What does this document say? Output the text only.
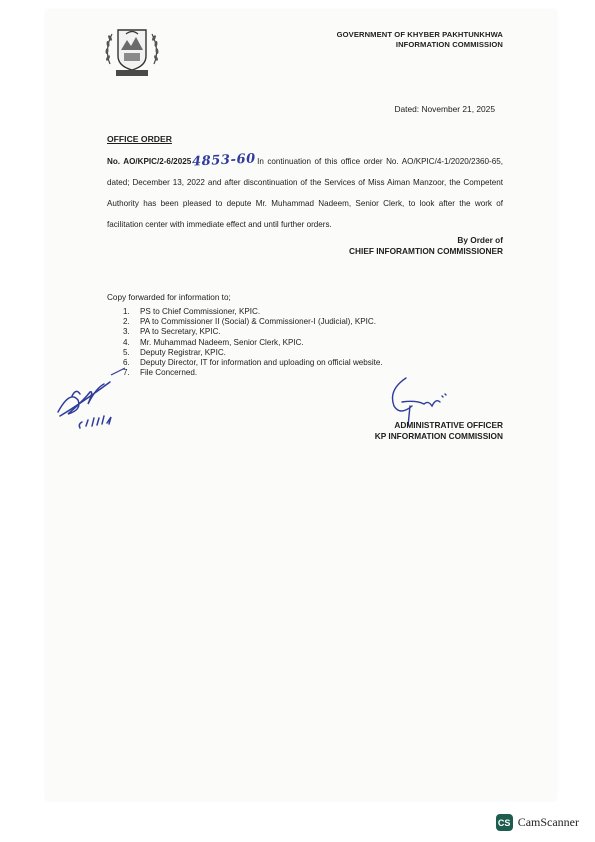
GOVERNMENT OF KHYBER PAKHTUNKHWA
INFORMATION COMMISSION
Dated: November 21, 2025
OFFICE ORDER
No. AO/KPIC/2-6/20254853-60In continuation of this office order No. AO/KPIC/4-1/2020/2360-65, dated; December 13, 2022 and after discontinuation of the Services of Miss Aiman Manzoor, the Competent Authority has been pleased to depute Mr. Muhammad Nadeem, Senior Clerk, to look after the work of facilitation center with immediate effect and until further orders.
By Order of
CHIEF INFORAMTION COMMISSIONER
Copy forwarded for information to;
1.	PS to Chief Commissioner, KPIC.
2.	PA to Commissioner II (Social) & Commissioner-I (Judicial), KPIC.
3.	PA to Secretary, KPIC.
4.	Mr. Muhammad Nadeem, Senior Clerk, KPIC.
5.	Deputy Registrar, KPIC.
6.	Deputy Director, IT for information and uploading on official website.
7.	File Concerned.
ADMINISTRATIVE OFFICER
KP INFORMATION COMMISSION
CS CamScanner
